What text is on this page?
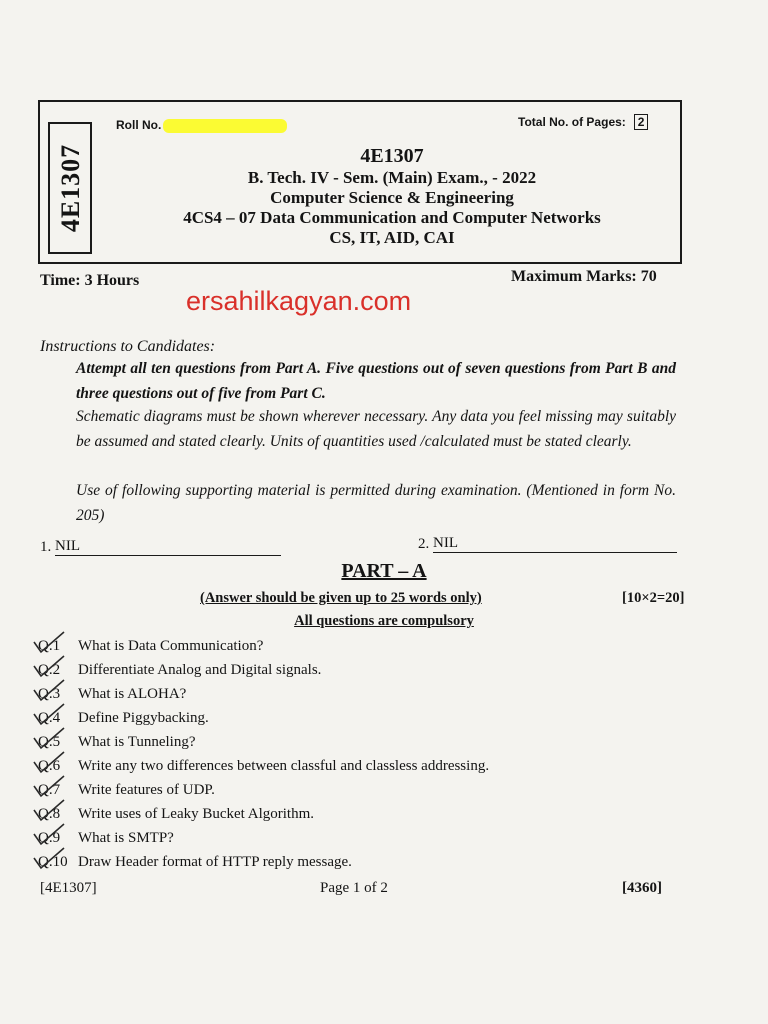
4E1307
Roll No.	Total No. of Pages: 2
4E1307
B. Tech. IV - Sem. (Main) Exam., - 2022
Computer Science & Engineering
4CS4 – 07 Data Communication and Computer Networks
CS, IT, AID, CAI
Time: 3 Hours	Maximum Marks: 70
ersahilkagyan.com
Instructions to Candidates:
Attempt all ten questions from Part A. Five questions out of seven questions from Part B and three questions out of five from Part C.
Schematic diagrams must be shown wherever necessary. Any data you feel missing may suitably be assumed and stated clearly. Units of quantities used /calculated must be stated clearly.
Use of following supporting material is permitted during examination. (Mentioned in form No. 205)
1. NIL	2. NIL
PART – A
(Answer should be given up to 25 words only)	[10×2=20]
All questions are compulsory
Q.1 What is Data Communication?
Q.2 Differentiate Analog and Digital signals.
Q.3 What is ALOHA?
Q.4 Define Piggybacking.
Q.5 What is Tunneling?
Q.6 Write any two differences between classful and classless addressing.
Q.7 Write features of UDP.
Q.8 Write uses of Leaky Bucket Algorithm.
Q.9 What is SMTP?
Q.10 Draw Header format of HTTP reply message.
[4E1307]	Page 1 of 2	[4360]
